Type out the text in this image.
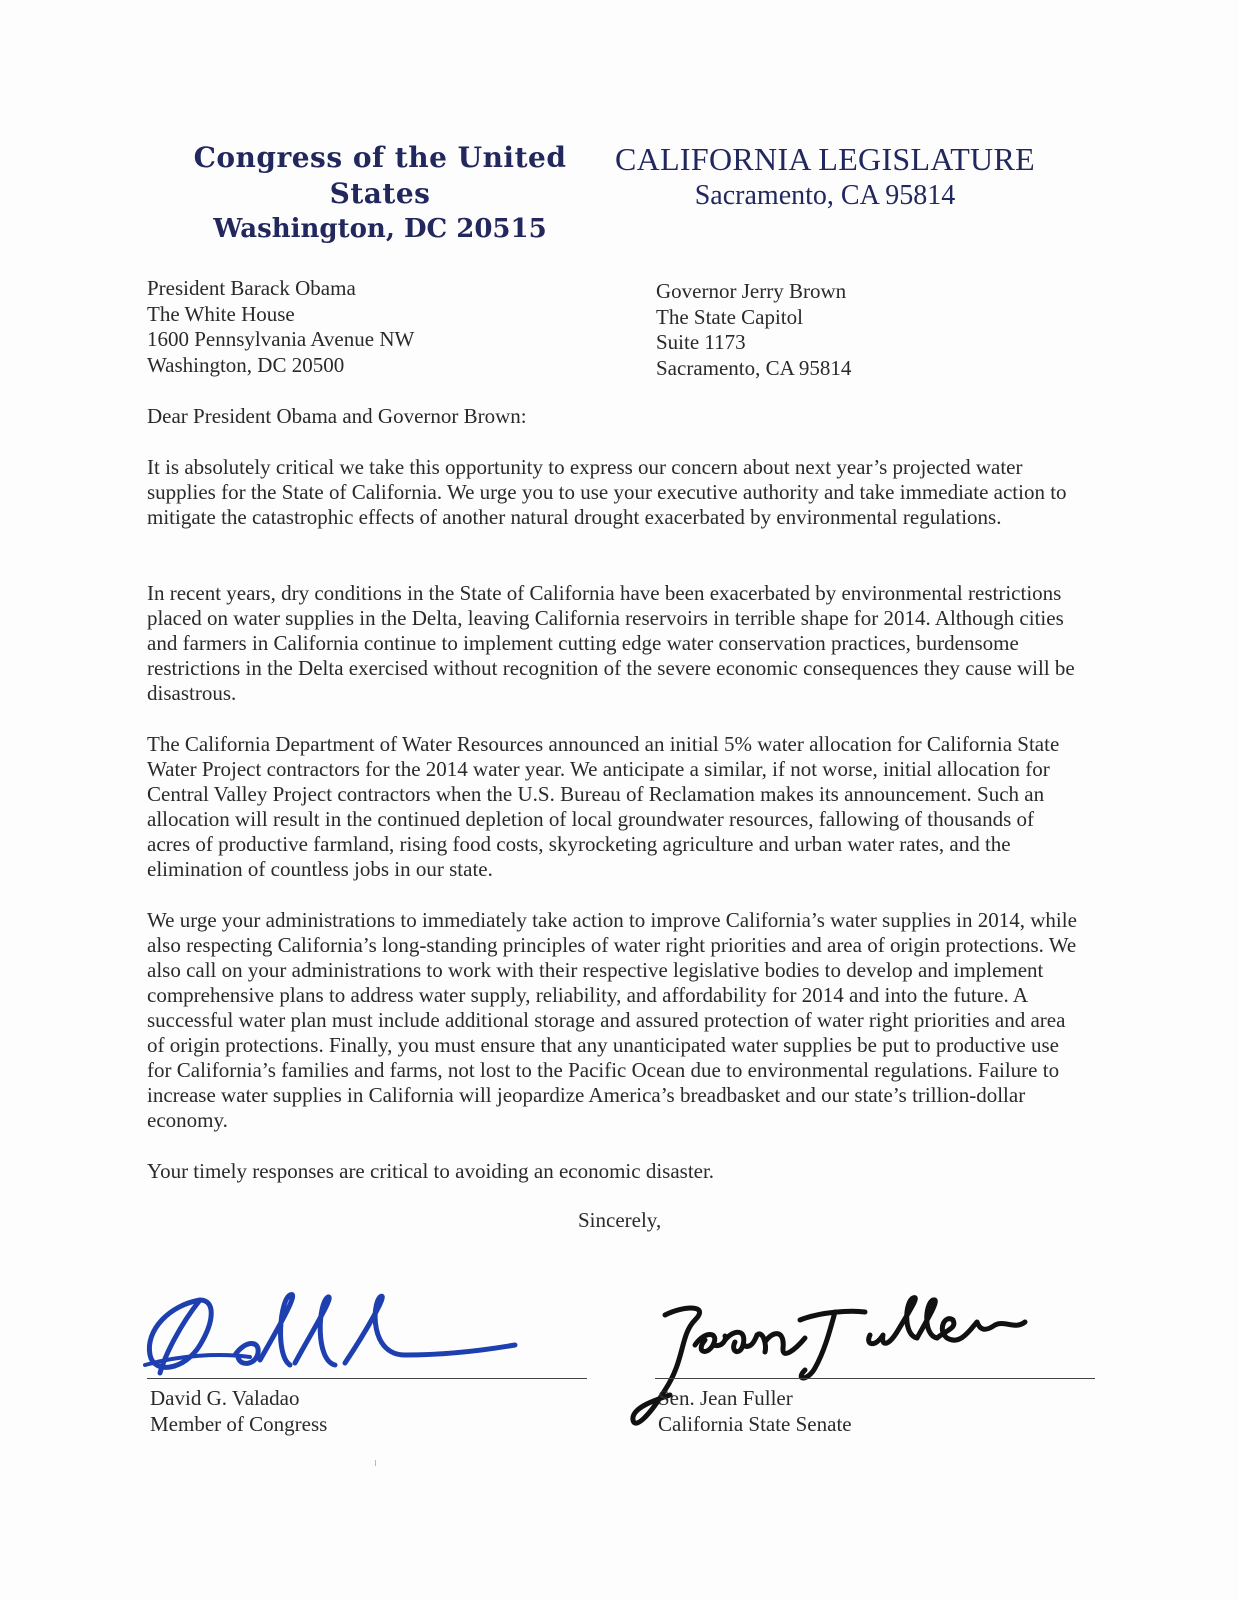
Congress of the United States
Washington, DC 20515
CALIFORNIA LEGISLATURE
Sacramento, CA 95814
President Barack Obama
The White House
1600 Pennsylvania Avenue NW
Washington, DC 20500
Governor Jerry Brown
The State Capitol
Suite 1173
Sacramento, CA 95814
Dear President Obama and Governor Brown:

It is absolutely critical we take this opportunity to express our concern about next year’s projected water supplies for the State of California. We urge you to use your executive authority and take immediate action to mitigate the catastrophic effects of another natural drought exacerbated by environmental regulations.

In recent years, dry conditions in the State of California have been exacerbated by environmental restrictions placed on water supplies in the Delta, leaving California reservoirs in terrible shape for 2014. Although cities and farmers in California continue to implement cutting edge water conservation practices, burdensome restrictions in the Delta exercised without recognition of the severe economic consequences they cause will be disastrous.

The California Department of Water Resources announced an initial 5% water allocation for California State Water Project contractors for the 2014 water year. We anticipate a similar, if not worse, initial allocation for Central Valley Project contractors when the U.S. Bureau of Reclamation makes its announcement. Such an allocation will result in the continued depletion of local groundwater resources, fallowing of thousands of acres of productive farmland, rising food costs, skyrocketing agriculture and urban water rates, and the elimination of countless jobs in our state.

We urge your administrations to immediately take action to improve California’s water supplies in 2014, while also respecting California’s long-standing principles of water right priorities and area of origin protections. We also call on your administrations to work with their respective legislative bodies to develop and implement comprehensive plans to address water supply, reliability, and affordability for 2014 and into the future. A successful water plan must include additional storage and assured protection of water right priorities and area of origin protections. Finally, you must ensure that any unanticipated water supplies be put to productive use for California’s families and farms, not lost to the Pacific Ocean due to environmental regulations. Failure to increase water supplies in California will jeopardize America’s breadbasket and our state’s trillion-dollar economy.

Your timely responses are critical to avoiding an economic disaster.

Sincerely,
David G. Valadao
Member of Congress
Sen. Jean Fuller
California State Senate
